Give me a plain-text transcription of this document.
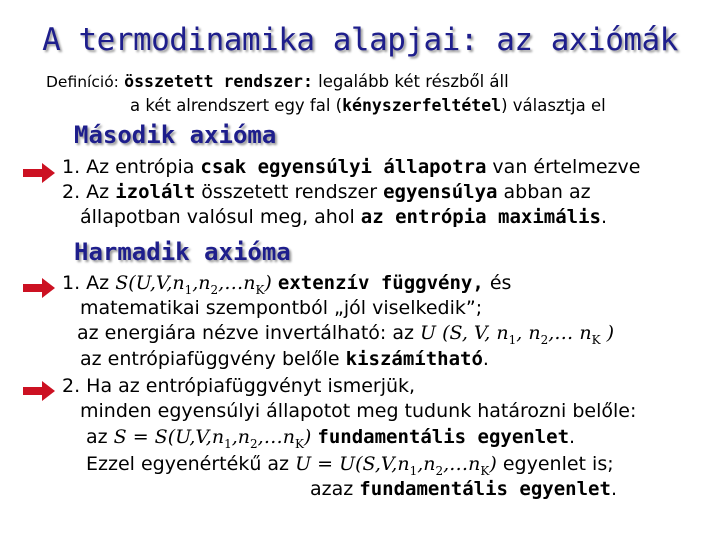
A termodinamika alapjai: az axiómák
Definíció: összetett rendszer: legalább két részből áll
a két alrendszert egy fal (kényszerfeltétel) választja el
Második axióma
1. Az entrópia csak egyensúlyi állapotra van értelmezve
2. Az izolált összetett rendszer egyensúlya abban az
állapotban valósul meg, ahol az entrópia maximális.
Harmadik axióma
1. Az $S(U,V,n_1,n_2,\dots n_K)$ extenzív függvény, és
matematikai szempontból „jól viselkedik”;
az energiára nézve invertálható: az U (S, V, $n_1$, $n_2,\dots$ $n_K$ )
az entrópiafüggvény belőle kiszámítható.
2. Ha az entrópiafüggvényt ismerjük,
minden egyensúlyi állapotot meg tudunk határozni belőle:
az $S = S(U,V,n_1,n_2,\dots n_K)$ fundamentális egyenlet.
Ezzel egyenértékű az $U = U(S,V,n_1,n_2,\dots n_K)$ egyenlet is;
azaz fundamentális egyenlet.
